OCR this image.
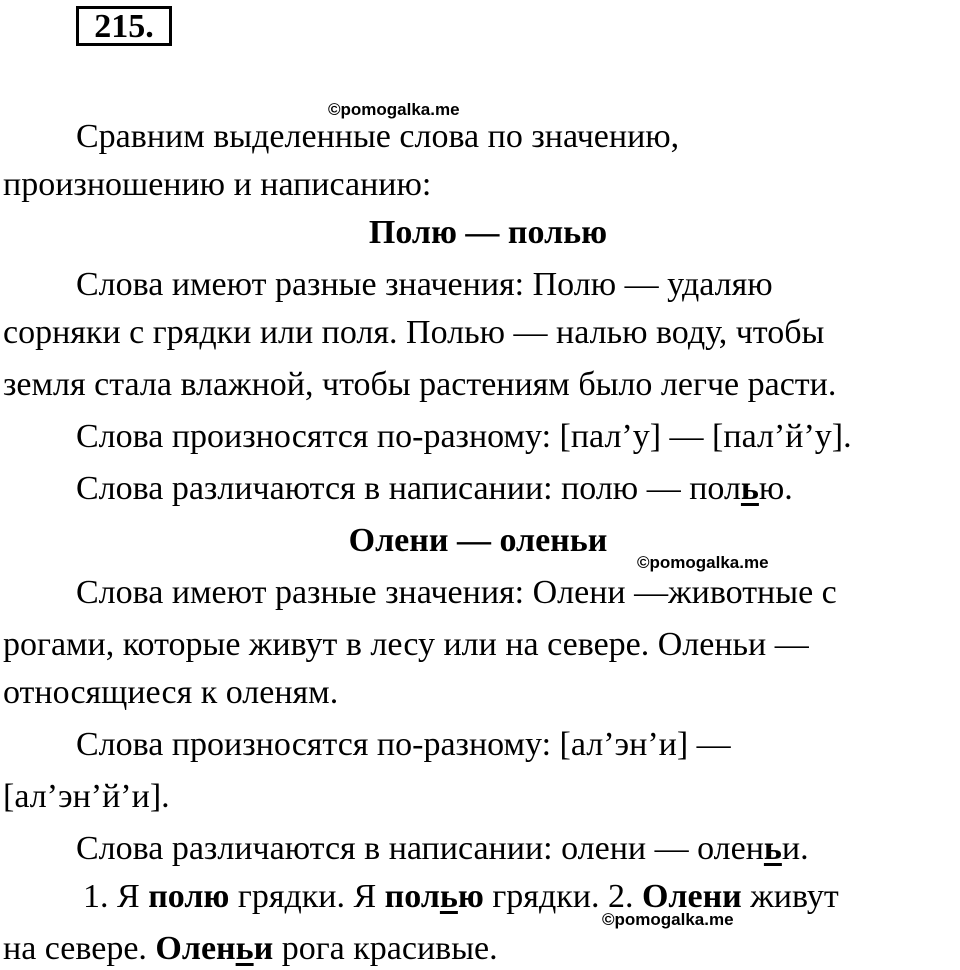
215.
©pomogalka.me
Сравним выделенные слова по значению,
произношению и написанию:
Полю — полью
Слова имеют разные значения: Полю — удаляю
сорняки с грядки или поля. Полью — налью воду, чтобы
земля стала влажной, чтобы растениям было легче расти.
Слова произносятся по-разному: [пал’у] — [пал’й’у].
Слова различаются в написании: полю — полью.
Олени — оленьи
©pomogalka.me
Слова имеют разные значения: Олени —животные с
рогами, которые живут в лесу или на севере. Оленьи —
относящиеся к оленям.
Слова произносятся по-разному: [ал’эн’и] —
[ал’эн’й’и].
Слова различаются в написании: олени — оленьи.
1. Я полю грядки. Я полью грядки. 2. Олени живут
©pomogalka.me
на севере. Оленьи рога красивые.
